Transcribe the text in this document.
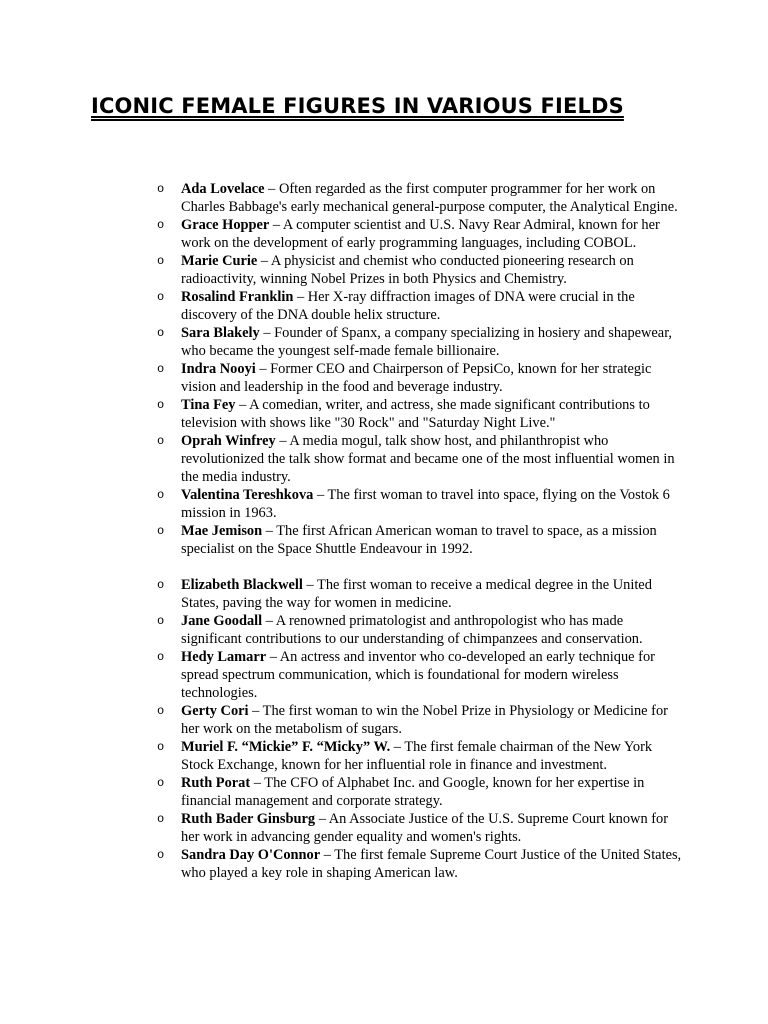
ICONIC FEMALE FIGURES IN VARIOUS FIELDS
o Ada Lovelace – Often regarded as the first computer programmer for her work on Charles Babbage's early mechanical general-purpose computer, the Analytical Engine.
o Grace Hopper – A computer scientist and U.S. Navy Rear Admiral, known for her work on the development of early programming languages, including COBOL.
o Marie Curie – A physicist and chemist who conducted pioneering research on radioactivity, winning Nobel Prizes in both Physics and Chemistry.
o Rosalind Franklin – Her X-ray diffraction images of DNA were crucial in the discovery of the DNA double helix structure.
o Sara Blakely – Founder of Spanx, a company specializing in hosiery and shapewear, who became the youngest self-made female billionaire.
o Indra Nooyi – Former CEO and Chairperson of PepsiCo, known for her strategic vision and leadership in the food and beverage industry.
o Tina Fey – A comedian, writer, and actress, she made significant contributions to television with shows like "30 Rock" and "Saturday Night Live."
o Oprah Winfrey – A media mogul, talk show host, and philanthropist who revolutionized the talk show format and became one of the most influential women in the media industry.
o Valentina Tereshkova – The first woman to travel into space, flying on the Vostok 6 mission in 1963.
o Mae Jemison – The first African American woman to travel to space, as a mission specialist on the Space Shuttle Endeavour in 1992.
o Elizabeth Blackwell – The first woman to receive a medical degree in the United States, paving the way for women in medicine.
o Jane Goodall – A renowned primatologist and anthropologist who has made significant contributions to our understanding of chimpanzees and conservation.
o Hedy Lamarr – An actress and inventor who co-developed an early technique for spread spectrum communication, which is foundational for modern wireless technologies.
o Gerty Cori – The first woman to win the Nobel Prize in Physiology or Medicine for her work on the metabolism of sugars.
o Muriel F. “Mickie” F. “Micky” W. – The first female chairman of the New York Stock Exchange, known for her influential role in finance and investment.
o Ruth Porat – The CFO of Alphabet Inc. and Google, known for her expertise in financial management and corporate strategy.
o Ruth Bader Ginsburg – An Associate Justice of the U.S. Supreme Court known for her work in advancing gender equality and women's rights.
o Sandra Day O'Connor – The first female Supreme Court Justice of the United States, who played a key role in shaping American law.
